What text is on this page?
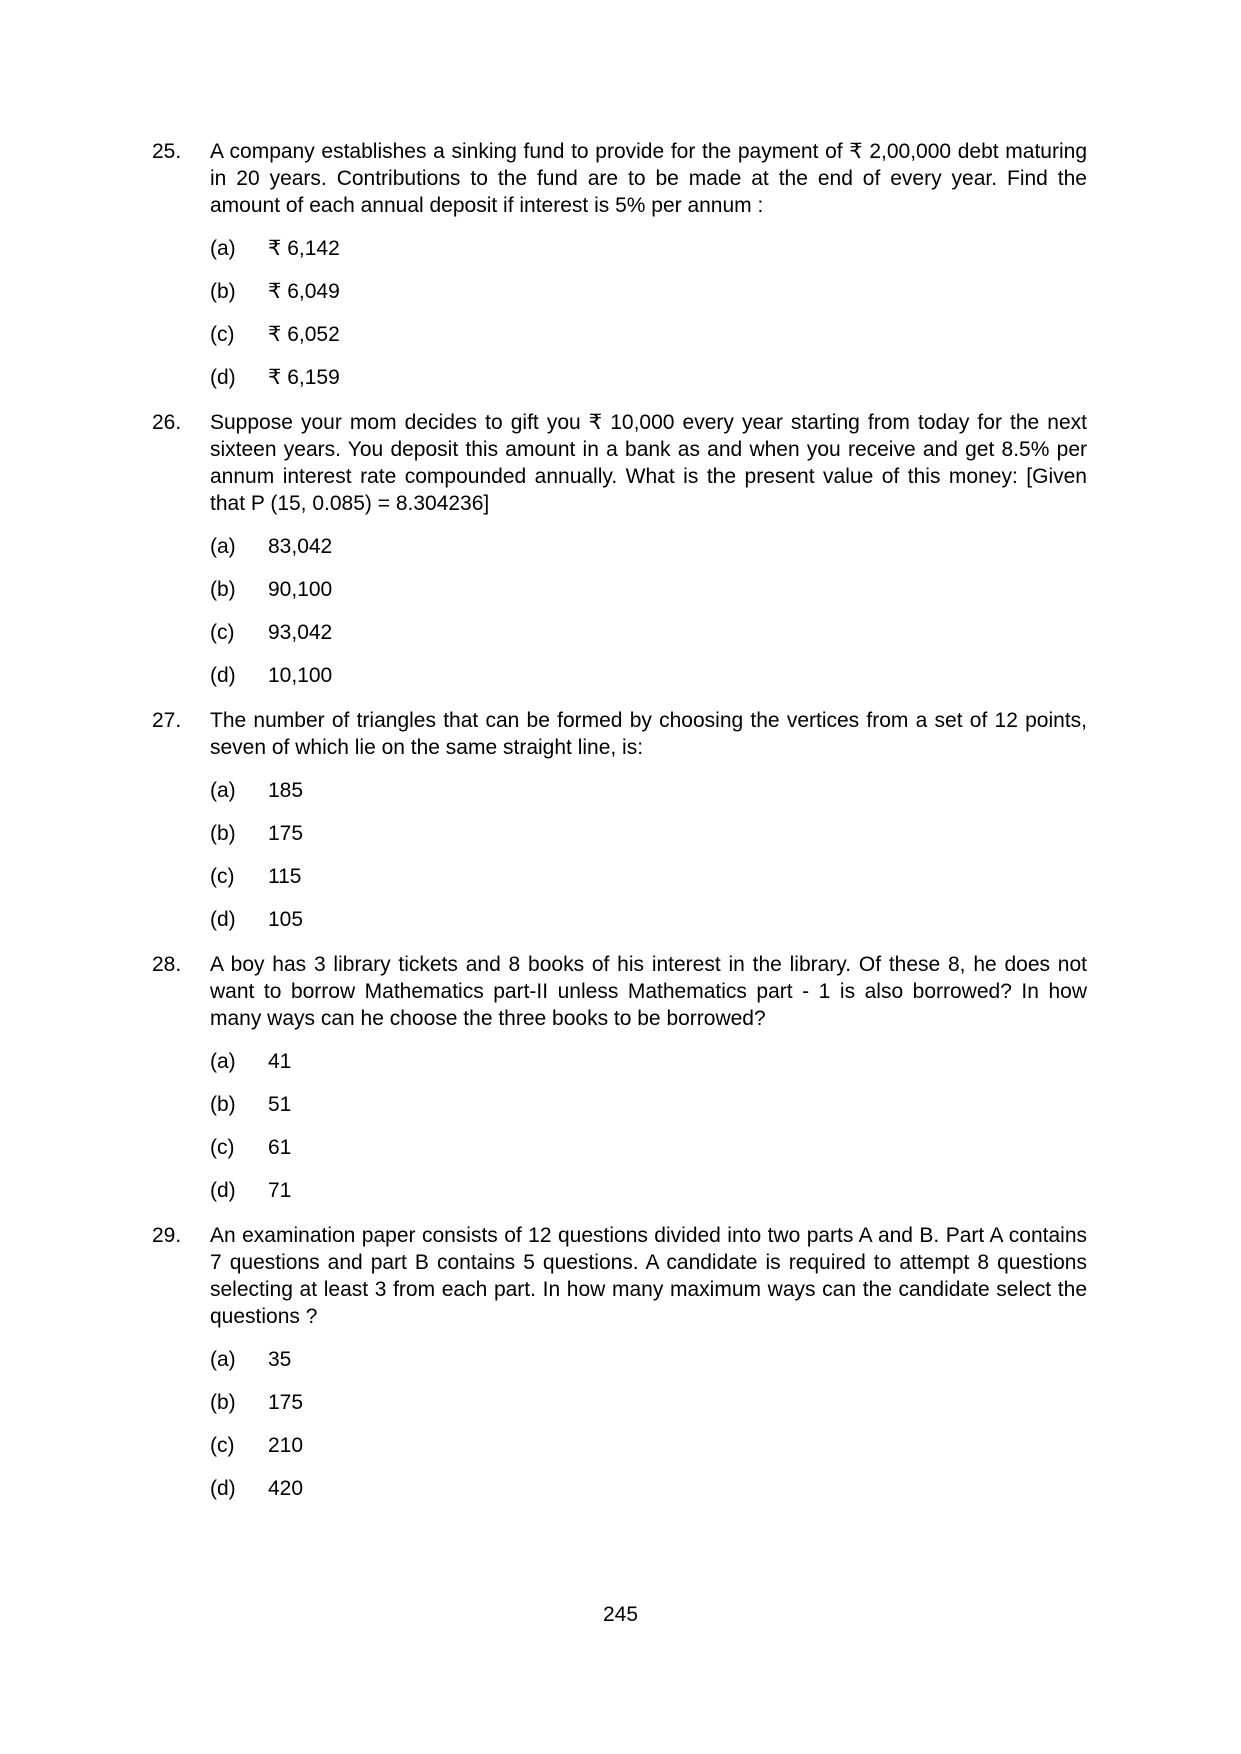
25.	A company establishes a sinking fund to provide for the payment of ₹ 2,00,000 debt maturing in 20 years. Contributions to the fund are to be made at the end of every year. Find the amount of each annual deposit if interest is 5% per annum :

(a)	₹ 6,142
(b)	₹ 6,049
(c)	₹ 6,052
(d)	₹ 6,159
26.	Suppose your mom decides to gift you ₹ 10,000 every year starting from today for the next sixteen years. You deposit this amount in a bank as and when you receive and get 8.5% per annum interest rate compounded annually. What is the present value of this money: [Given that P (15, 0.085) = 8.304236]

(a)	83,042
(b)	90,100
(c)	93,042
(d)	10,100
27.	The number of triangles that can be formed by choosing the vertices from a set of 12 points, seven of which lie on the same straight line, is:

(a)	185
(b)	175
(c)	115
(d)	105
28.	A boy has 3 library tickets and 8 books of his interest in the library. Of these 8, he does not want to borrow Mathematics part-II unless Mathematics part - 1 is also borrowed? In how many ways can he choose the three books to be borrowed?

(a)	41
(b)	51
(c)	61
(d)	71
29.	An examination paper consists of 12 questions divided into two parts A and B. Part A contains 7 questions and part B contains 5 questions. A candidate is required to attempt 8 questions selecting at least 3 from each part. In how many maximum ways can the candidate select the questions ?

(a)	35
(b)	175
(c)	210
(d)	420
245
